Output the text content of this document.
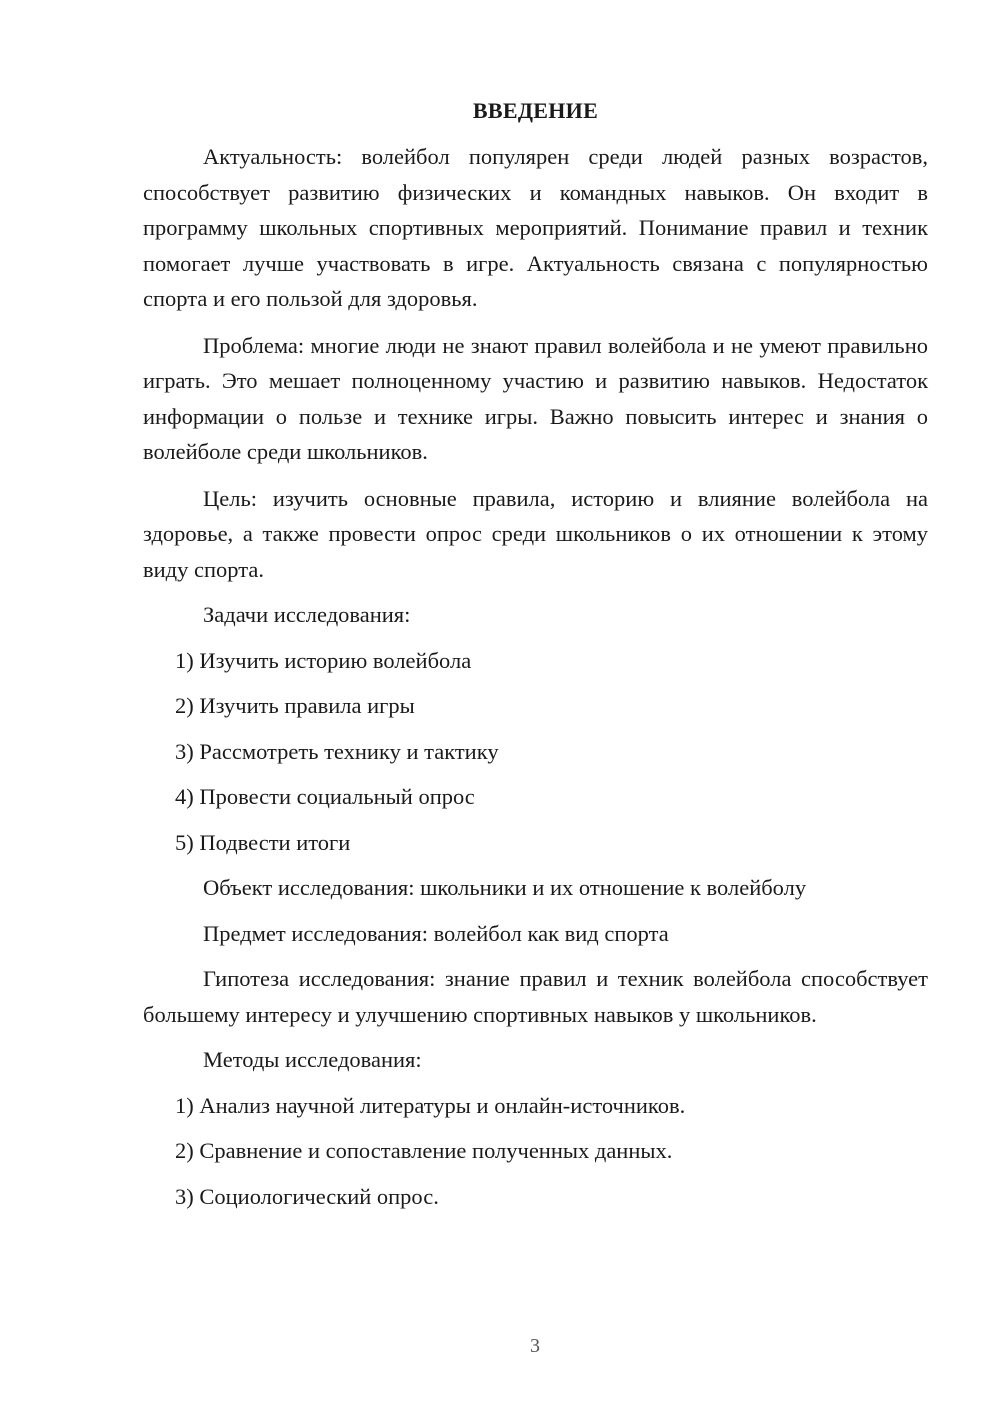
ВВЕДЕНИЕ

Актуальность: волейбол популярен среди людей разных возрастов, способствует развитию физических и командных навыков. Он входит в программу школьных спортивных мероприятий. Понимание правил и техник помогает лучше участвовать в игре. Актуальность связана с популярностью спорта и его пользой для здоровья.

Проблема: многие люди не знают правил волейбола и не умеют правильно играть. Это мешает полноценному участию и развитию навыков. Недостаток информации о пользе и технике игры. Важно повысить интерес и знания о волейболе среди школьников.

Цель: изучить основные правила, историю и влияние волейбола на здоровье, а также провести опрос среди школьников о их отношении к этому виду спорта.

Задачи исследования:

1) Изучить историю волейбола

2) Изучить правила игры

3) Рассмотреть технику и тактику

4) Провести социальный опрос

5) Подвести итоги

Объект исследования: школьники и их отношение к волейболу

Предмет исследования: волейбол как вид спорта

Гипотеза исследования: знание правил и техник волейбола способствует большему интересу и улучшению спортивных навыков у школьников.

Методы исследования:

1) Анализ научной литературы и онлайн-источников.

2) Сравнение и сопоставление полученных данных.

3) Социологический опрос.

3
